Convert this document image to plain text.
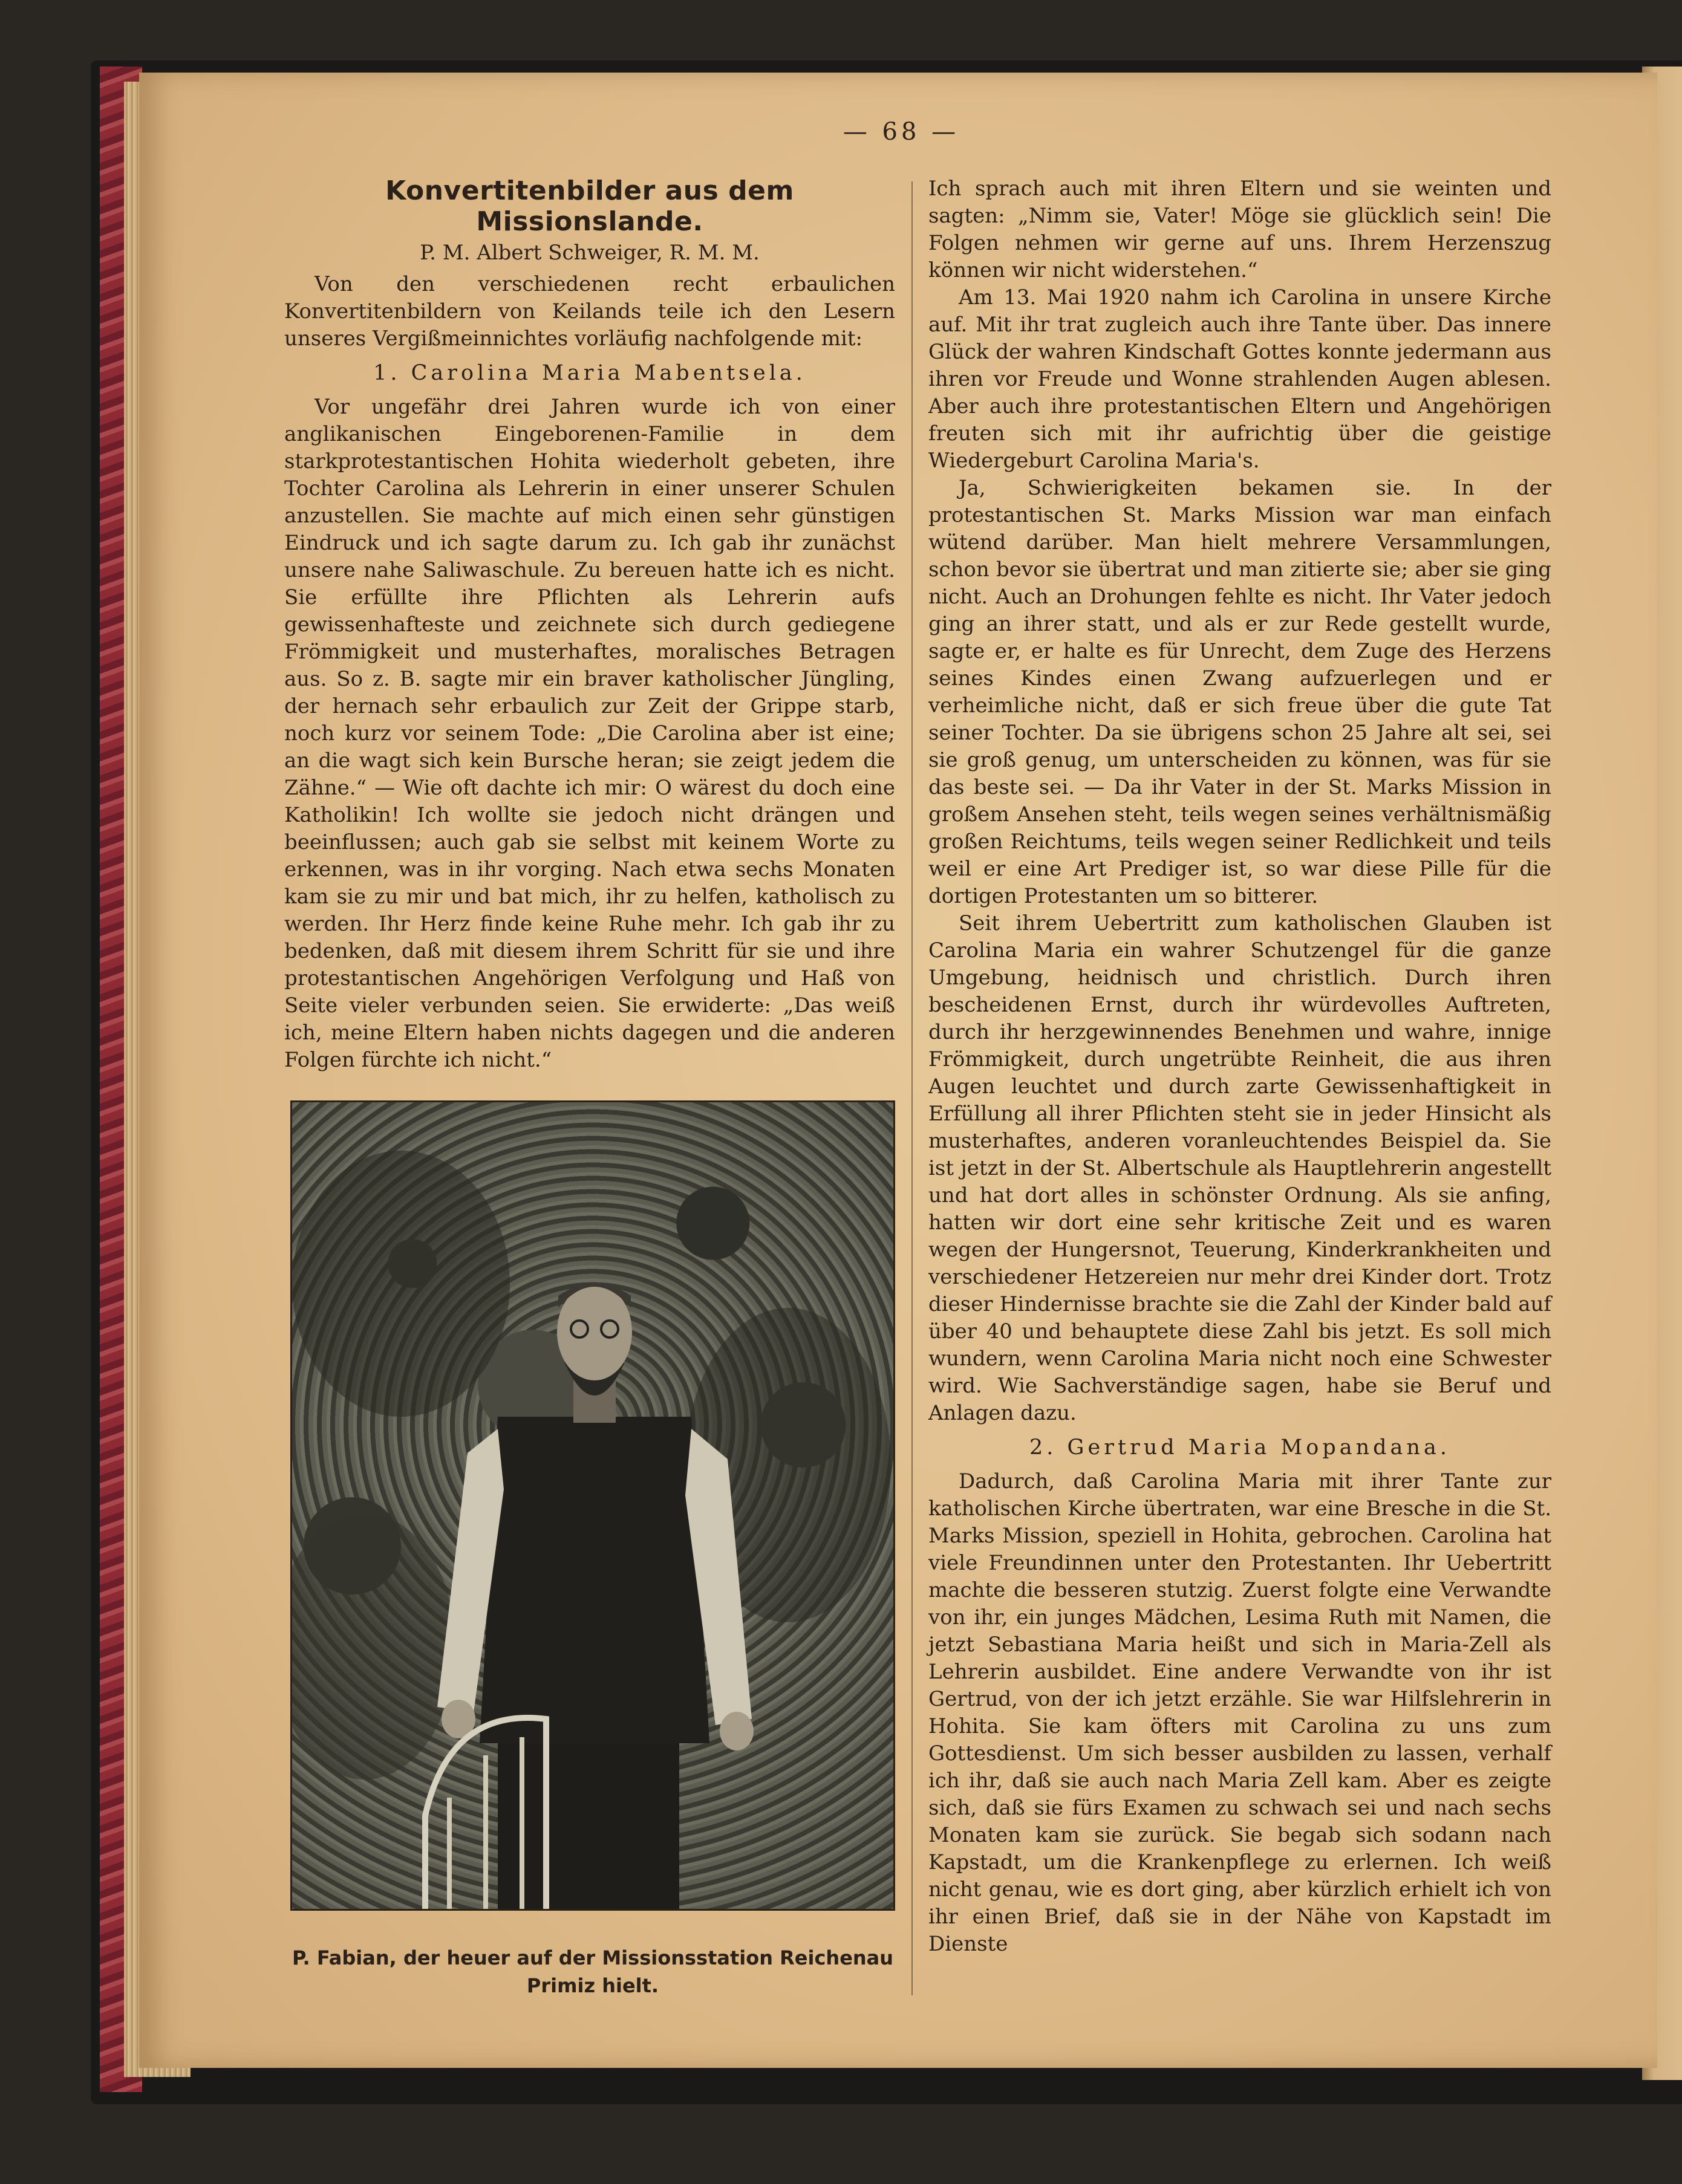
— 68 —
Konvertitenbilder aus dem Missionslande.

P. M. Albert Schweiger, R. M. M.

Von den verschiedenen recht erbaulichen Konvertitenbildern von Keilands teile ich den Lesern unseres Vergißmeinnichtes vorläufig nachfolgende mit:

1. Carolina Maria Mabentsela.

Vor ungefähr drei Jahren wurde ich von einer anglikanischen Eingeborenen-Familie in dem starkprotestantischen Hohita wiederholt gebeten, ihre Tochter Carolina als Lehrerin in einer unserer Schulen anzustellen. Sie machte auf mich einen sehr günstigen Eindruck und ich sagte darum zu. Ich gab ihr zunächst unsere nahe Saliwaschule. Zu bereuen hatte ich es nicht. Sie erfüllte ihre Pflichten als Lehrerin aufs gewissenhafteste und zeichnete sich durch gediegene Frömmigkeit und musterhaftes, moralisches Betragen aus. So z. B. sagte mir ein braver katholischer Jüngling, der hernach sehr erbaulich zur Zeit der Grippe starb, noch kurz vor seinem Tode: „Die Carolina aber ist eine; an die wagt sich kein Bursche heran; sie zeigt jedem die Zähne.“ — Wie oft dachte ich mir: O wärest du doch eine Katholikin! Ich wollte sie jedoch nicht drängen und beeinflussen; auch gab sie selbst mit keinem Worte zu erkennen, was in ihr vorging. Nach etwa sechs Monaten kam sie zu mir und bat mich, ihr zu helfen, katholisch zu werden. Ihr Herz finde keine Ruhe mehr. Ich gab ihr zu bedenken, daß mit diesem ihrem Schritt für sie und ihre protestantischen Angehörigen Verfolgung und Haß von Seite vieler verbunden seien. Sie erwiderte: „Das weiß ich, meine Eltern haben nichts dagegen und die anderen Folgen fürchte ich nicht.“

P. Fabian, der heuer auf der Missionsstation Reichenau Primiz hielt.

Ich sprach auch mit ihren Eltern und sie weinten und sagten: „Nimm sie, Vater! Möge sie glücklich sein! Die Folgen nehmen wir gerne auf uns. Ihrem Herzenszug können wir nicht widerstehen.“

Am 13. Mai 1920 nahm ich Carolina in unsere Kirche auf. Mit ihr trat zugleich auch ihre Tante über. Das innere Glück der wahren Kindschaft Gottes konnte jedermann aus ihren vor Freude und Wonne strahlenden Augen ablesen. Aber auch ihre protestantischen Eltern und Angehörigen freuten sich mit ihr aufrichtig über die geistige Wiedergeburt Carolina Maria's.

Ja, Schwierigkeiten bekamen sie. In der protestantischen St. Marks Mission war man einfach wütend darüber. Man hielt mehrere Versammlungen, schon bevor sie übertrat und man zitierte sie; aber sie ging nicht. Auch an Drohungen fehlte es nicht. Ihr Vater jedoch ging an ihrer statt, und als er zur Rede gestellt wurde, sagte er, er halte es für Unrecht, dem Zuge des Herzens seines Kindes einen Zwang aufzuerlegen und er verheimliche nicht, daß er sich freue über die gute Tat seiner Tochter. Da sie übrigens schon 25 Jahre alt sei, sei sie groß genug, um unterscheiden zu können, was für sie das beste sei. — Da ihr Vater in der St. Marks Mission in großem Ansehen steht, teils wegen seines verhältnismäßig großen Reichtums, teils wegen seiner Redlichkeit und teils weil er eine Art Prediger ist, so war diese Pille für die dortigen Protestanten um so bitterer.

Seit ihrem Uebertritt zum katholischen Glauben ist Carolina Maria ein wahrer Schutzengel für die ganze Umgebung, heidnisch und christlich. Durch ihren bescheidenen Ernst, durch ihr würdevolles Auftreten, durch ihr herzgewinnendes Benehmen und wahre, innige Frömmigkeit, durch ungetrübte Reinheit, die aus ihren Augen leuchtet und durch zarte Gewissenhaftigkeit in Erfüllung all ihrer Pflichten steht sie in jeder Hinsicht als musterhaftes, anderen voranleuchtendes Beispiel da. Sie ist jetzt in der St. Albertschule als Hauptlehrerin angestellt und hat dort alles in schönster Ordnung. Als sie anfing, hatten wir dort eine sehr kritische Zeit und es waren wegen der Hungersnot, Teuerung, Kinderkrankheiten und verschiedener Hetzereien nur mehr drei Kinder dort. Trotz dieser Hindernisse brachte sie die Zahl der Kinder bald auf über 40 und behauptete diese Zahl bis jetzt. Es soll mich wundern, wenn Carolina Maria nicht noch eine Schwester wird. Wie Sachverständige sagen, habe sie Beruf und Anlagen dazu.

2. Gertrud Maria Mopandana.

Dadurch, daß Carolina Maria mit ihrer Tante zur katholischen Kirche übertraten, war eine Bresche in die St. Marks Mission, speziell in Hohita, gebrochen. Carolina hat viele Freundinnen unter den Protestanten. Ihr Uebertritt machte die besseren stutzig. Zuerst folgte eine Verwandte von ihr, ein junges Mädchen, Lesima Ruth mit Namen, die jetzt Sebastiana Maria heißt und sich in Maria-Zell als Lehrerin ausbildet. Eine andere Verwandte von ihr ist Gertrud, von der ich jetzt erzähle. Sie war Hilfslehrerin in Hohita. Sie kam öfters mit Carolina zu uns zum Gottesdienst. Um sich besser ausbilden zu lassen, verhalf ich ihr, daß sie auch nach Maria Zell kam. Aber es zeigte sich, daß sie fürs Examen zu schwach sei und nach sechs Monaten kam sie zurück. Sie begab sich sodann nach Kapstadt, um die Krankenpflege zu erlernen. Ich weiß nicht genau, wie es dort ging, aber kürzlich erhielt ich von ihr einen Brief, daß sie in der Nähe von Kapstadt im Dienste
